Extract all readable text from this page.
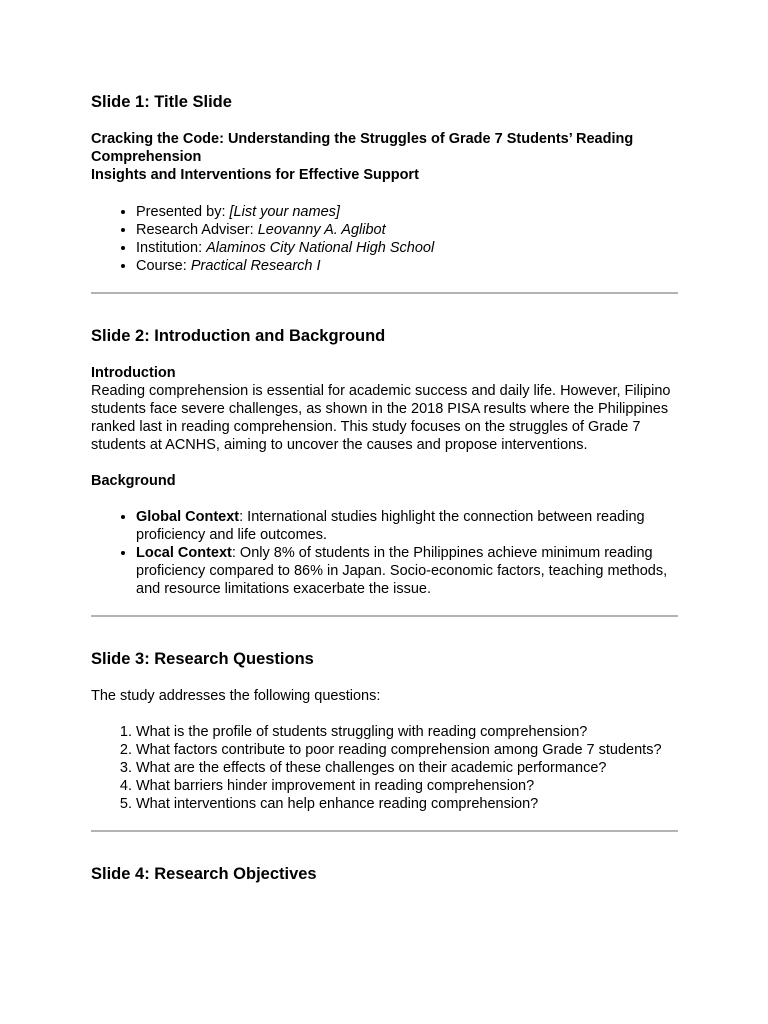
Slide 1: Title Slide

Cracking the Code: Understanding the Struggles of Grade 7 Students’ Reading Comprehension

Insights and Interventions for Effective Support

• Presented by: [List your names]
• Research Adviser: Leovanny A. Aglibot
• Institution: Alaminos City National High School
• Course: Practical Research I
Slide 2: Introduction and Background

Introduction

Reading comprehension is essential for academic success and daily life. However, Filipino students face severe challenges, as shown in the 2018 PISA results where the Philippines ranked last in reading comprehension. This study focuses on the struggles of Grade 7 students at ACNHS, aiming to uncover the causes and propose interventions.

Background

• Global Context: International studies highlight the connection between reading proficiency and life outcomes.
• Local Context: Only 8% of students in the Philippines achieve minimum reading proficiency compared to 86% in Japan. Socio-economic factors, teaching methods, and resource limitations exacerbate the issue.
Slide 3: Research Questions

The study addresses the following questions:

1. What is the profile of students struggling with reading comprehension?
2. What factors contribute to poor reading comprehension among Grade 7 students?
3. What are the effects of these challenges on their academic performance?
4. What barriers hinder improvement in reading comprehension?
5. What interventions can help enhance reading comprehension?
Slide 4: Research Objectives
